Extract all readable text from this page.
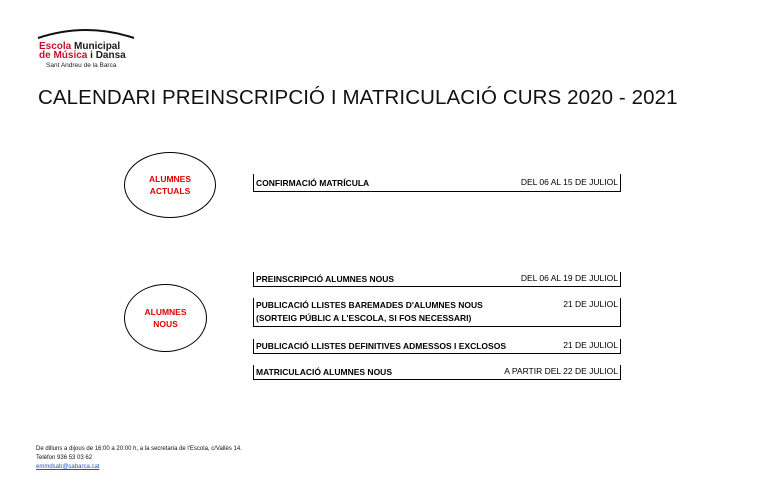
Escola Municipal
de Música i Dansa
Sant Andreu de la Barca
CALENDARI PREINSCRIPCIÓ I MATRICULACIÓ CURS 2020 - 2021
ALUMNES
ACTUALS
ALUMNES
NOUS
CONFIRMACIÓ MATRÍCULA	DEL 06 AL 15 DE JULIOL
PREINSCRIPCIÓ ALUMNES NOUS	DEL 06 AL 19 DE JULIOL
PUBLICACIÓ LLISTES BAREMADES D'ALUMNES NOUS
(SORTEIG PÚBLIC A L'ESCOLA, SI FOS NECESSARI)
21 DE JULIOL
PUBLICACIÓ LLISTES DEFINITIVES ADMESSOS I EXCLOSOS	21 DE JULIOL
MATRICULACIÓ ALUMNES NOUS	A PARTIR DEL 22 DE JULIOL
De dilluns a dijous de 16:00 a 20:00 h, a la secretaria de l'Escola, c/Vallès 14.
Telèfon 936 53 03 62
emmdsab@sabarca.cat
